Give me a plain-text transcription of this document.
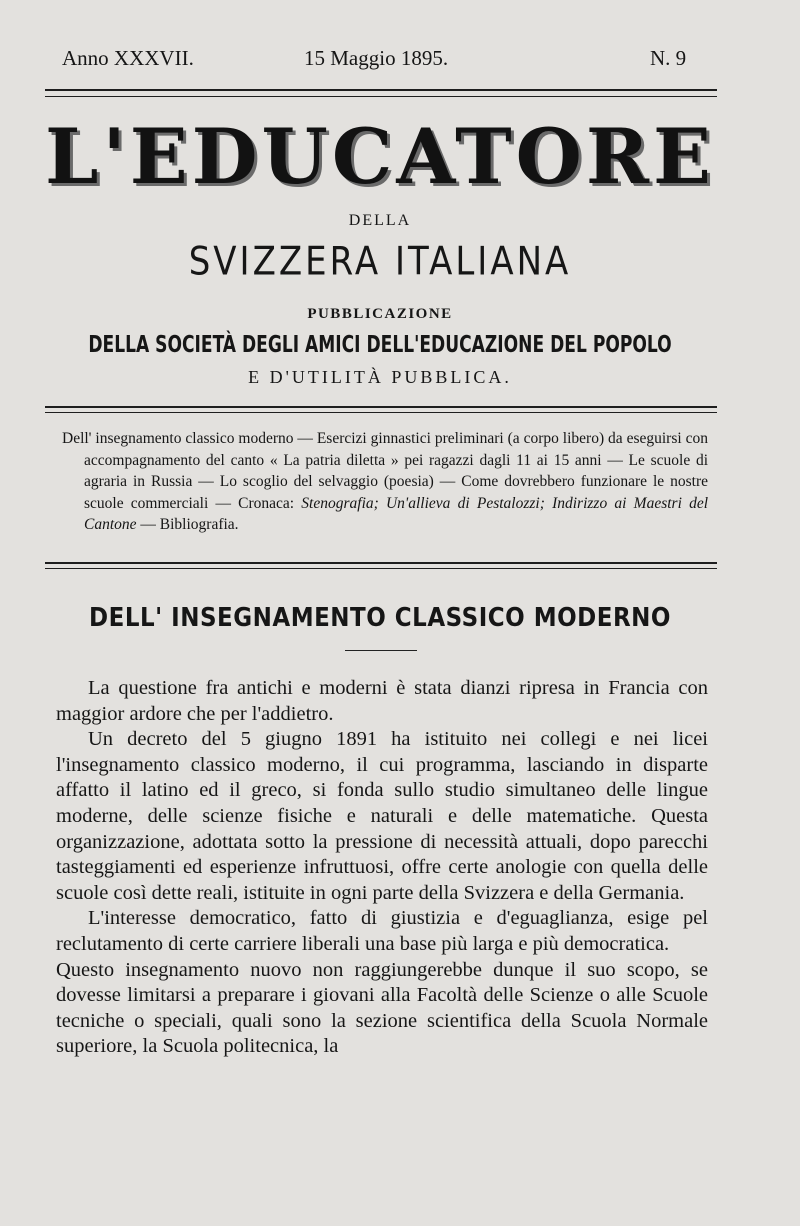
Anno XXXVII.	15 Maggio 1895.	N. 9
L'EDUCATORE
DELLA
SVIZZERA ITALIANA
PUBBLICAZIONE
DELLA SOCIETÀ DEGLI AMICI DELL'EDUCAZIONE DEL POPOLO
E D'UTILITÀ PUBBLICA.

Dell' insegnamento classico moderno — Esercizi ginnastici preliminari (a corpo libero) da eseguirsi con accompagnamento del canto « La patria diletta » pei ragazzi dagli 11 ai 15 anni — Le scuole di agraria in Russia — Lo scoglio del selvaggio (poesia) — Come dovrebbero funzionare le nostre scuole commerciali — Cronaca: Stenografia; Un'allieva di Pestalozzi; Indirizzo ai Maestri del Cantone — Bibliografia.

DELL' INSEGNAMENTO CLASSICO MODERNO

La questione fra antichi e moderni è stata dianzi ripresa in Francia con maggior ardore che per l'addietro.

Un decreto del 5 giugno 1891 ha istituito nei collegi e nei licei l'insegnamento classico moderno, il cui programma, lasciando in disparte affatto il latino ed il greco, si fonda sullo studio simultaneo delle lingue moderne, delle scienze fisiche e naturali e delle matematiche. Questa organizzazione, adottata sotto la pressione di necessità attuali, dopo parecchi tasteggiamenti ed esperienze infruttuosi, offre certe anologie con quella delle scuole così dette reali, istituite in ogni parte della Svizzera e della Germania.

L'interesse democratico, fatto di giustizia e d'eguaglianza, esige pel reclutamento di certe carriere liberali una base più larga e più democratica.

Questo insegnamento nuovo non raggiungerebbe dunque il suo scopo, se dovesse limitarsi a preparare i giovani alla Facoltà delle Scienze o alle Scuole tecniche o speciali, quali sono la sezione scientifica della Scuola Normale superiore, la Scuola politecnica, la
